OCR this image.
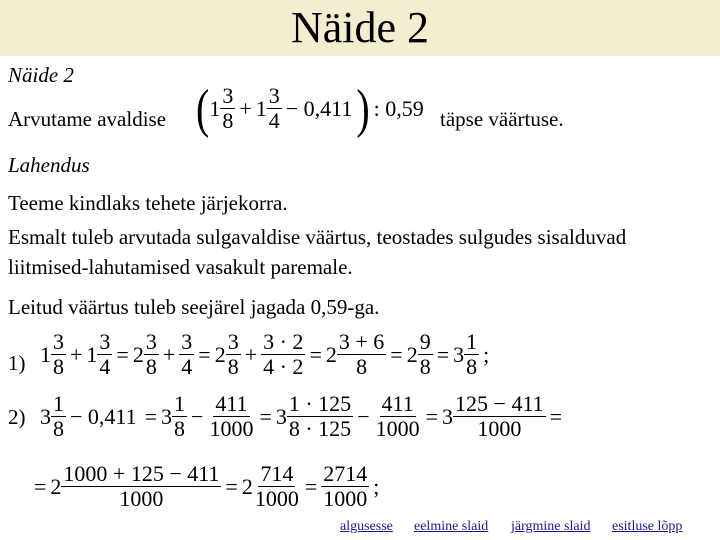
Näide 2
Näide 2
Arvutame avaldise ( $1 \frac{3}{8} + 1 \frac{3}{4} - 0,411$ ) : 0,59 täpse väärtuse.
Lahendus
Teeme kindlaks tehete järjekorra.
Esmalt tuleb arvutada sulgavaldise väärtus, teostades sulgudes sisalduvad
liitmised-lahutamised vasakult paremale.
Leitud väärtus tuleb seejärel jagada 0,59-ga.
1) $1 \frac{3}{8} + 1 \frac{3}{4} = 2 \frac{3}{8} + \frac{3}{4} = 2 \frac{3}{8} + \frac{3 \cdot 2}{4 \cdot 2} = 2 \frac{3 + 6}{8} = 2 \frac{9}{8} = 3 \frac{1}{8}$ ;
2) $3 \frac{1}{8} - 0,411 = 3 \frac{1}{8} - \frac{411}{1000} = 3 \frac{1 \cdot 125}{8 \cdot 125} - \frac{411}{1000} = 3 \frac{125 - 411}{1000}$ =
= $2 \frac{1000 + 125 - 411}{1000} = 2 \frac{714}{1000} = \frac{2714}{1000}$ ;
algusesse eelmine slaid järgmine slaid esitluse lõpp
